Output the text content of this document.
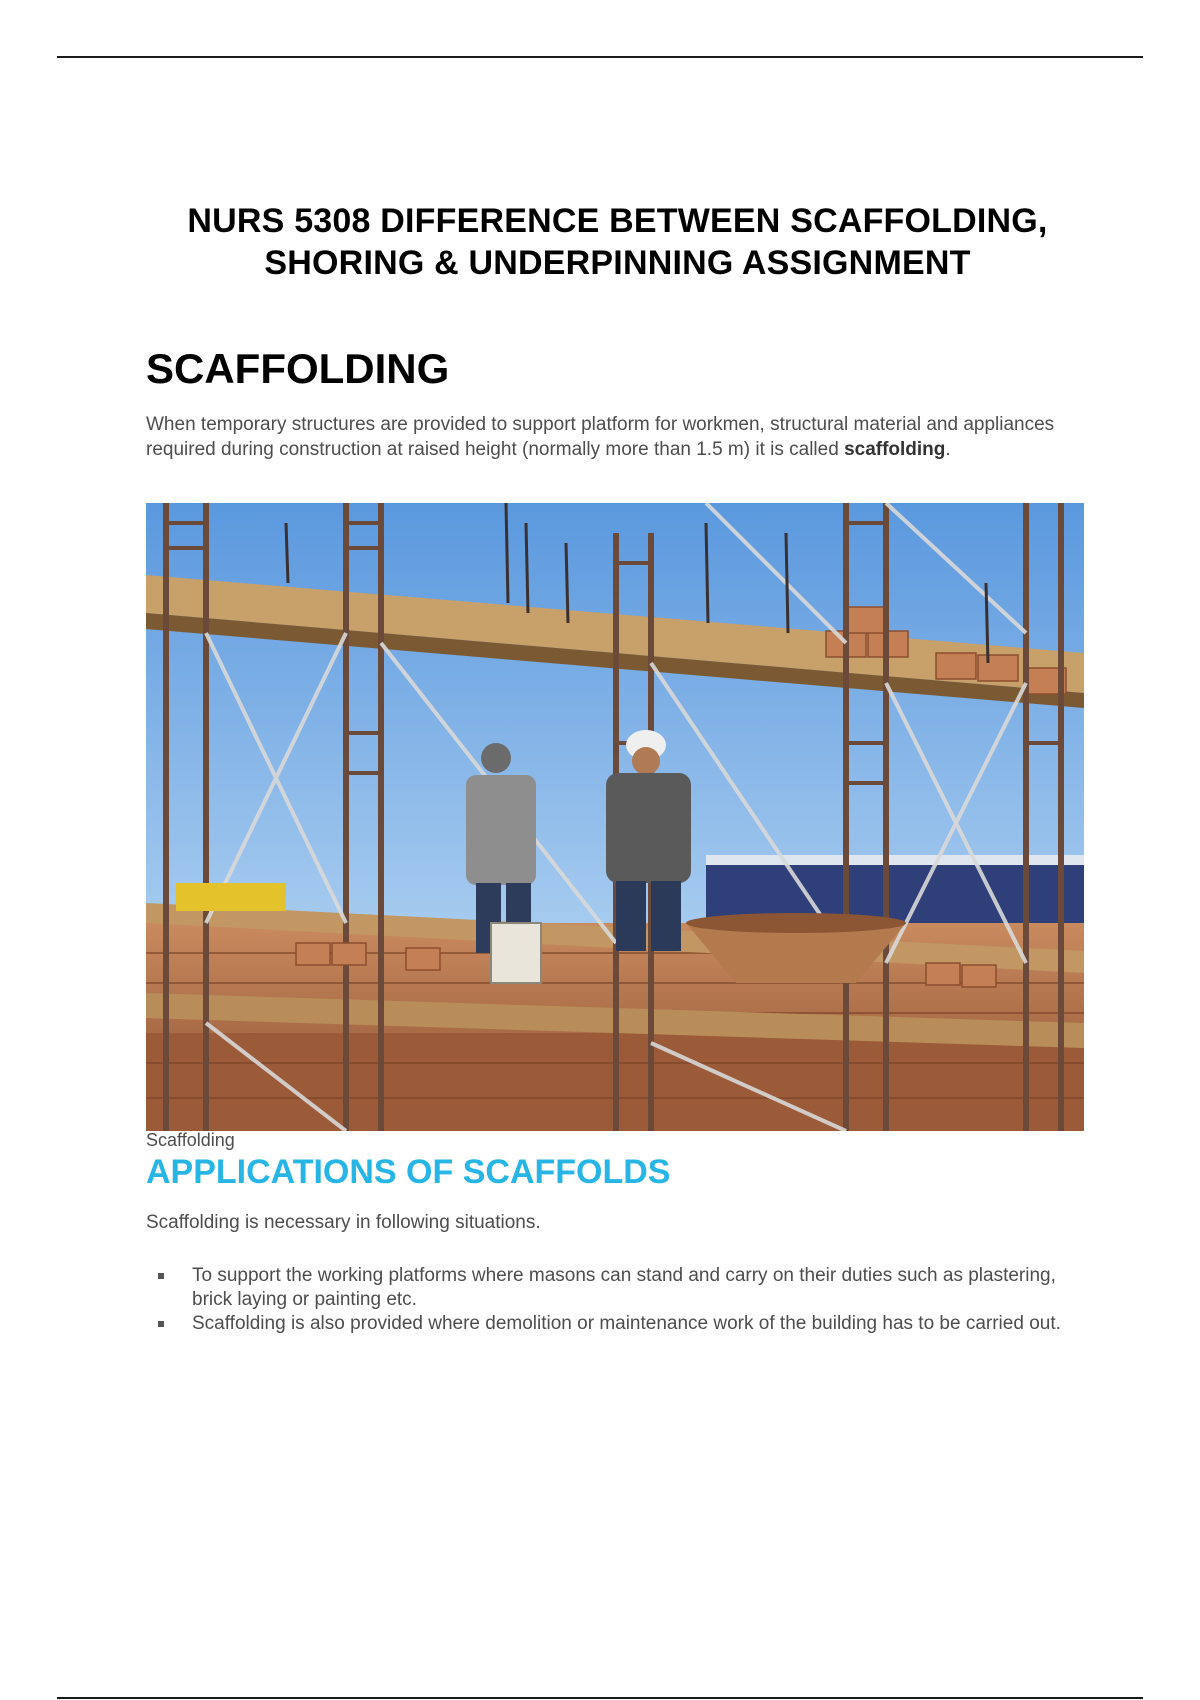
NURS 5308 DIFFERENCE BETWEEN SCAFFOLDING,
SHORING & UNDERPINNING ASSIGNMENT
SCAFFOLDING
When temporary structures are provided to support platform for workmen, structural material and appliances required during construction at raised height (normally more than 1.5 m) it is called scaffolding.
Scaffolding
APPLICATIONS OF SCAFFOLDS
Scaffolding is necessary in following situations.
To support the working platforms where masons can stand and carry on their duties such as plastering, brick laying or painting etc.
Scaffolding is also provided where demolition or maintenance work of the building has to be carried out.
